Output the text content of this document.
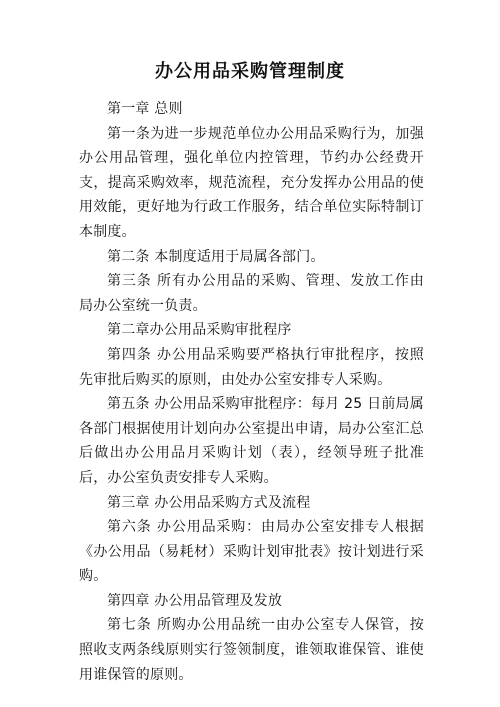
办公用品采购管理制度

第一章 总则

第一条为进一步规范单位办公用品采购行为，加强办公用品管理，强化单位内控管理，节约办公经费开支，提高采购效率，规范流程，充分发挥办公用品的使用效能，更好地为行政工作服务，结合单位实际特制订本制度。

第二条 本制度适用于局属各部门。

第三条 所有办公用品的采购、管理、发放工作由局办公室统一负责。

第二章办公用品采购审批程序

第四条 办公用品采购要严格执行审批程序，按照先审批后购买的原则，由处办公室安排专人采购。

第五条 办公用品采购审批程序：每月 25 日前局属各部门根据使用计划向办公室提出申请，局办公室汇总后做出办公用品月采购计划（表），经领导班子批准后，办公室负责安排专人采购。

第三章 办公用品采购方式及流程

第六条 办公用品采购：由局办公室安排专人根据《办公用品（易耗材）采购计划审批表》按计划进行采购。

第四章 办公用品管理及发放

第七条 所购办公用品统一由办公室专人保管，按照收支两条线原则实行签领制度，谁领取谁保管、谁使用谁保管的原则。
